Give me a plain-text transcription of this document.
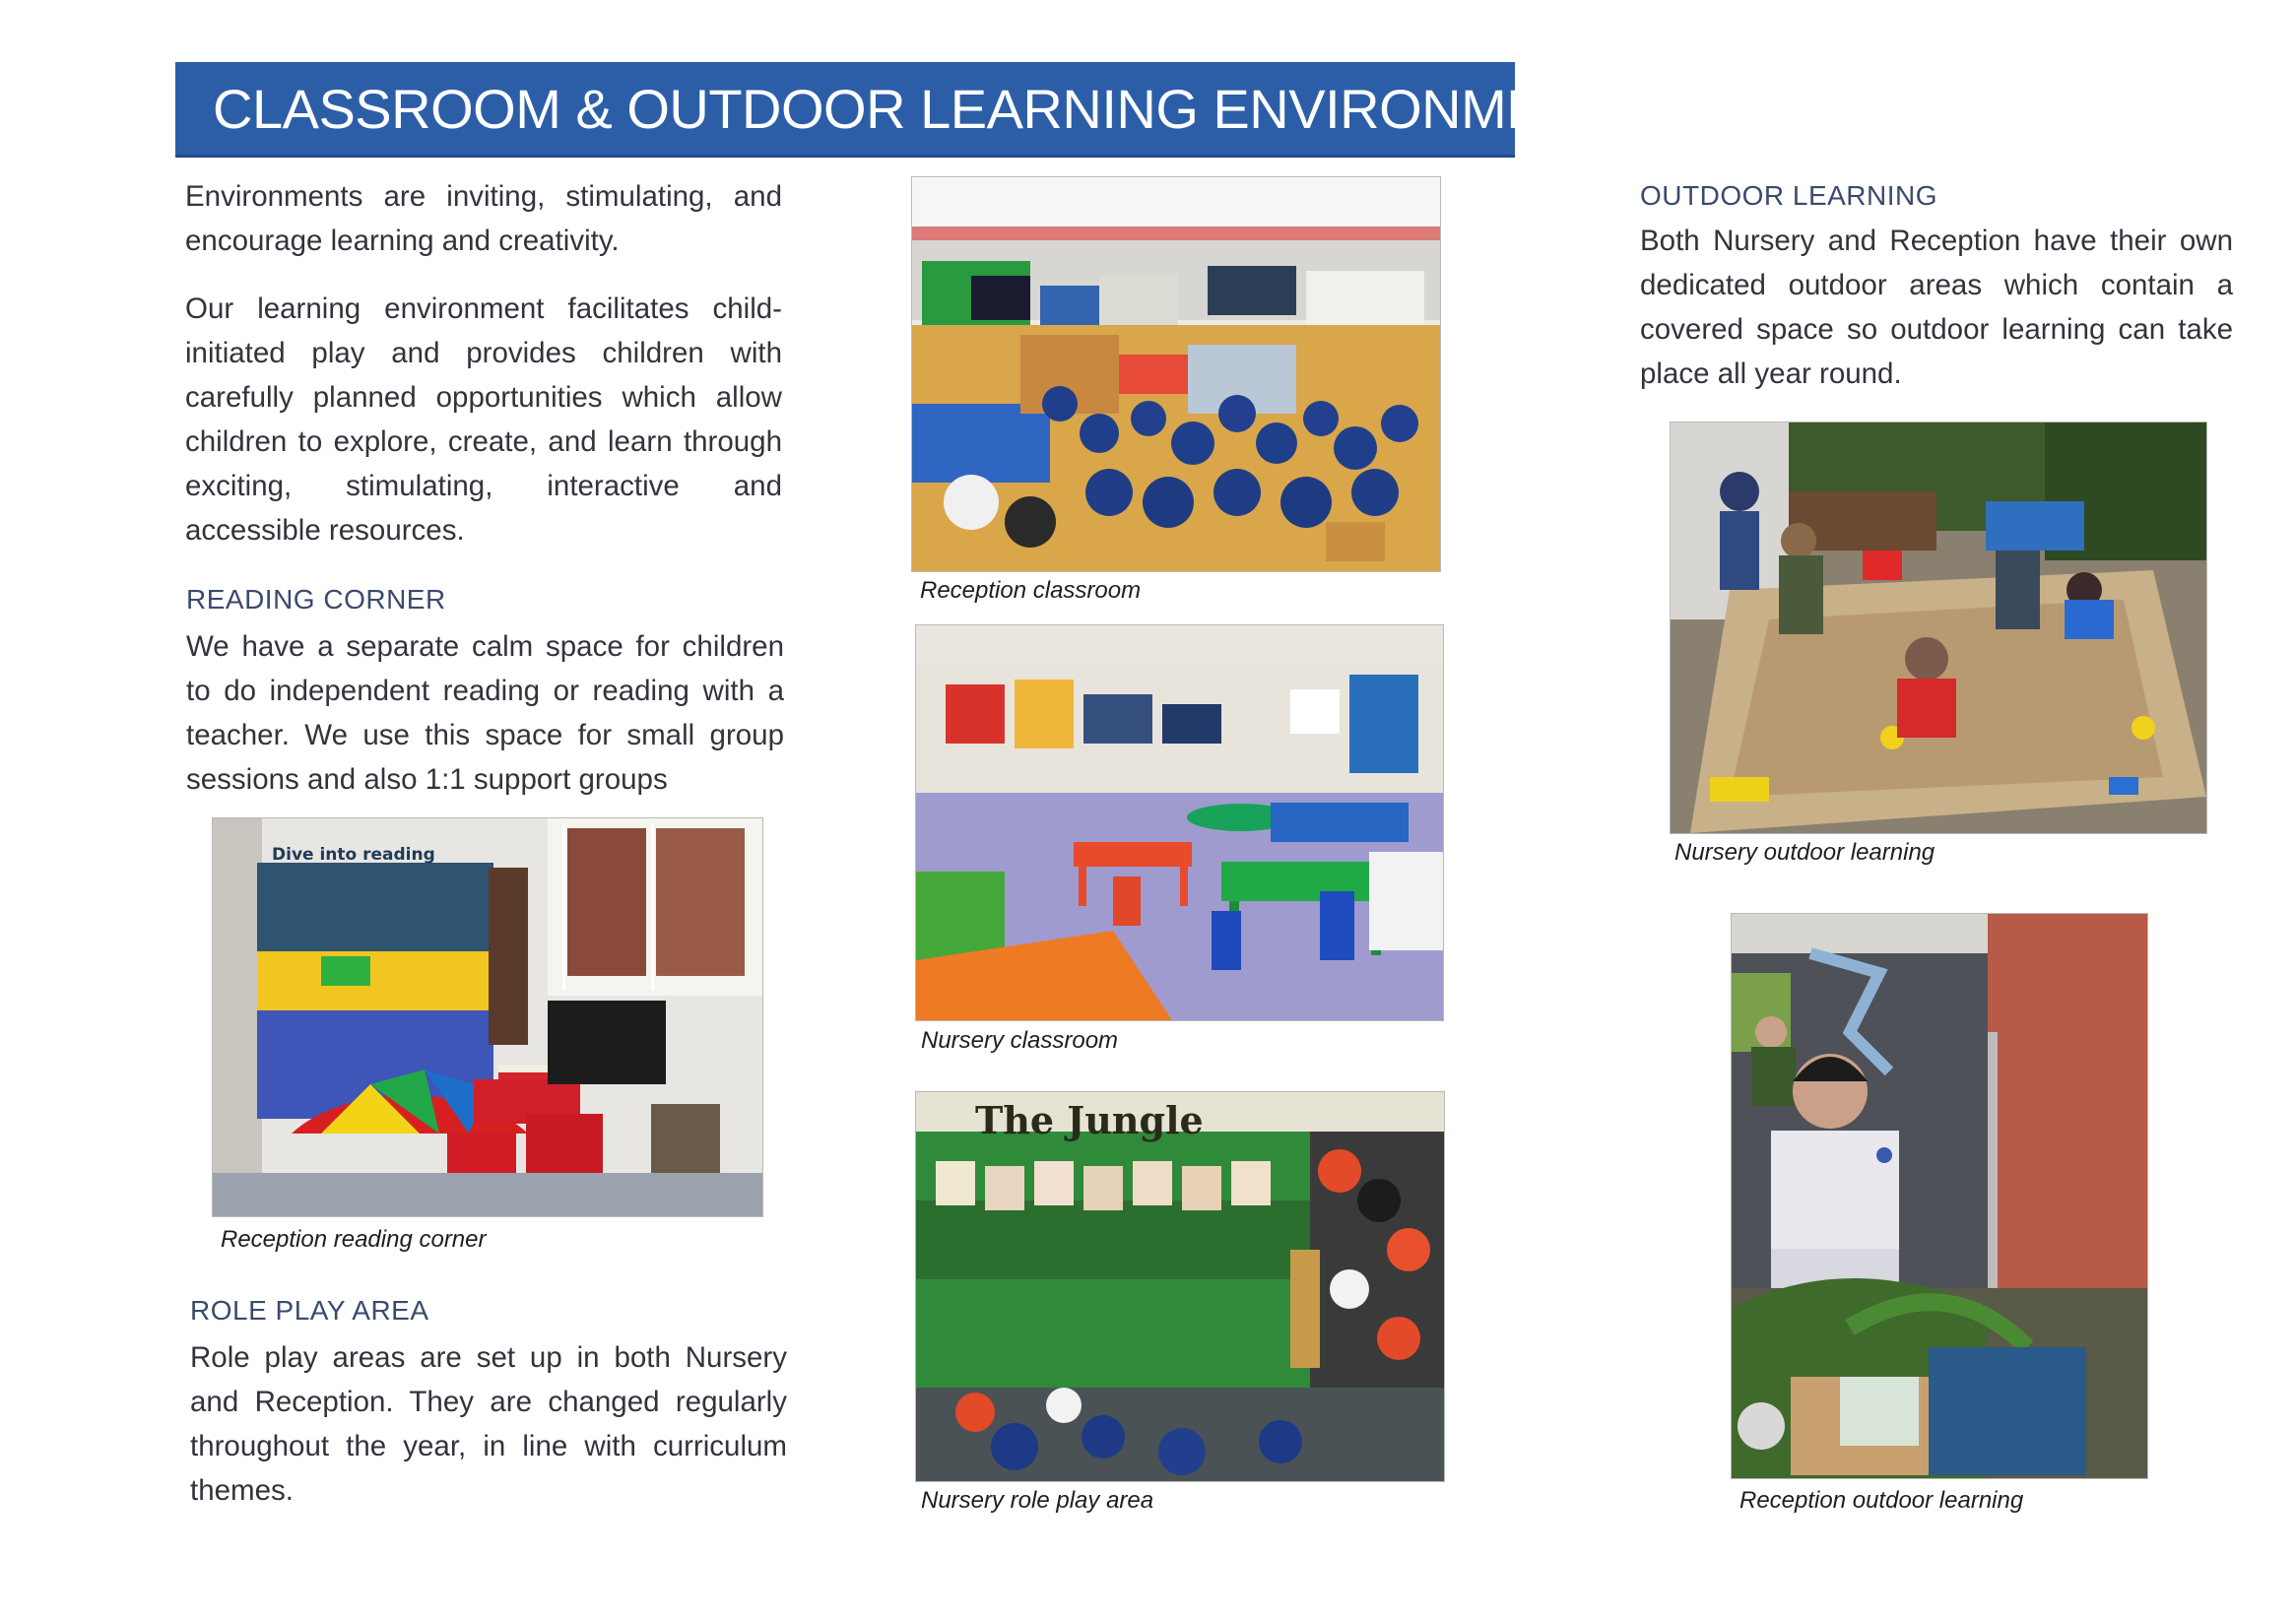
CLASSROOM & OUTDOOR LEARNING ENVIRONMENT

Environments are inviting, stimulating, and encourage learning and creativity.

Our learning environment facilitates child-initiated play and provides children with carefully planned opportunities which allow children to explore, create, and learn through exciting, stimulating, interactive and accessible resources.

READING CORNER

We have a separate calm space for children to do independent reading or reading with a teacher. We use this space for small group sessions and also 1:1 support groups

Dive into reading

Reception reading corner

ROLE PLAY AREA

Role play areas are set up in both Nursery and Reception. They are changed regularly throughout the year, in line with curriculum themes.

Reception classroom

Nursery classroom

The Jungle

Nursery role play area

OUTDOOR LEARNING

Both Nursery and Reception have their own dedicated outdoor areas which contain a covered space so outdoor learning can take place all year round.

Nursery outdoor learning

Reception outdoor learning
